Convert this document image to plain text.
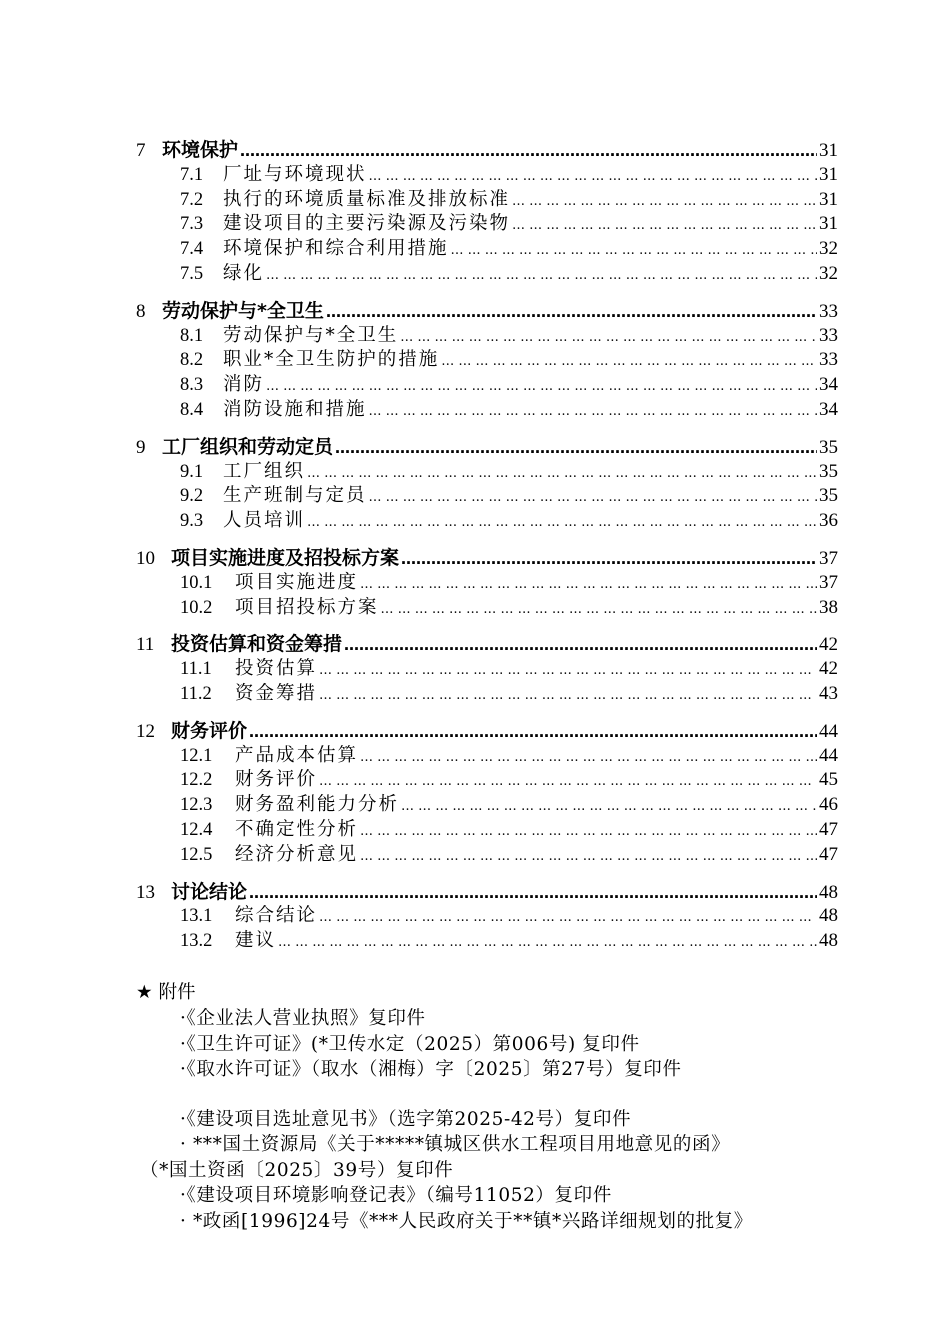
7 环境保护 ……………………………………………………………………………………………………………………………	31
7.1	厂址与环境现状 … … … … … … … … … … … … … … … … … … … … … … … … … … … … … … … … … … … … … … … … … … … … … …	31
7.2	执行的环境质量标准及排放标准 … … … … … … … … … … … … … … … … … … … … … … … … … … … … … … … … … … … … … … … … … … … … … …	31
7.3	建设项目的主要污染源及污染物 … … … … … … … … … … … … … … … … … … … … … … … … … … … … … … … … … … … … … … … … … … … … … …	31
7.4	环境保护和综合利用措施 … … … … … … … … … … … … … … … … … … … … … … … … … … … … … … … … … … … … … … … … … … … … … …	32
7.5	绿化 … … … … … … … … … … … … … … … … … … … … … … … … … … … … … … … … … … … … … … … … … … … … … …	32
8 劳动保护与*全卫生 ……………………………………………………………………………………………………………………………	33
8.1	劳动保护与*全卫生 … … … … … … … … … … … … … … … … … … … … … … … … … … … … … … … … … … … … … … … … … … … … … …	33
8.2	职业*全卫生防护的措施 … … … … … … … … … … … … … … … … … … … … … … … … … … … … … … … … … … … … … … … … … … … … … …	33
8.3	消防 … … … … … … … … … … … … … … … … … … … … … … … … … … … … … … … … … … … … … … … … … … … … … …	34
8.4	消防设施和措施 … … … … … … … … … … … … … … … … … … … … … … … … … … … … … … … … … … … … … … … … … … … … … …	34
9 工厂组织和劳动定员 ……………………………………………………………………………………………………………………………	35
9.1	工厂组织 … … … … … … … … … … … … … … … … … … … … … … … … … … … … … … … … … … … … … … … … … … … … … …	35
9.2	生产班制与定员 … … … … … … … … … … … … … … … … … … … … … … … … … … … … … … … … … … … … … … … … … … … … … …	35
9.3	人员培训 … … … … … … … … … … … … … … … … … … … … … … … … … … … … … … … … … … … … … … … … … … … … … …	36
10 项目实施进度及招投标方案 ……………………………………………………………………………………………………………………………	37
10.1	项目实施进度 … … … … … … … … … … … … … … … … … … … … … … … … … … … … … … … … … … … … … … … … … … … … … …	37
10.2	项目招投标方案 … … … … … … … … … … … … … … … … … … … … … … … … … … … … … … … … … … … … … … … … … … … … … …	38
11 投资估算和资金筹措 ……………………………………………………………………………………………………………………………	42
11.1	投资估算 … … … … … … … … … … … … … … … … … … … … … … … … … … … … … … … … … … … … … … … … … … … … … …	42
11.2	资金筹措 … … … … … … … … … … … … … … … … … … … … … … … … … … … … … … … … … … … … … … … … … … … … … …	43
12 财务评价 ……………………………………………………………………………………………………………………………	44
12.1	产品成本估算 … … … … … … … … … … … … … … … … … … … … … … … … … … … … … … … … … … … … … … … … … … … … … …	44
12.2	财务评价 … … … … … … … … … … … … … … … … … … … … … … … … … … … … … … … … … … … … … … … … … … … … … …	45
12.3	财务盈利能力分析 … … … … … … … … … … … … … … … … … … … … … … … … … … … … … … … … … … … … … … … … … … … … … …	46
12.4	不确定性分析 … … … … … … … … … … … … … … … … … … … … … … … … … … … … … … … … … … … … … … … … … … … … … …	47
12.5	经济分析意见 … … … … … … … … … … … … … … … … … … … … … … … … … … … … … … … … … … … … … … … … … … … … … …	47
13 讨论结论 ……………………………………………………………………………………………………………………………	48
13.1	综合结论 … … … … … … … … … … … … … … … … … … … … … … … … … … … … … … … … … … … … … … … … … … … … … …	48
13.2	建议 … … … … … … … … … … … … … … … … … … … … … … … … … … … … … … … … … … … … … … … … … … … … … …	48
★ 附件
·《企业法人营业执照》复印件
·《卫生许可证》(*卫传水定（2025）第006号) 复印件
·《取水许可证》（取水（湘梅）字〔2025〕第27号）复印件
·《建设项目选址意见书》（选字第2025-42号）复印件
· ***国土资源局《关于*****镇城区供水工程项目用地意见的函》
（*国土资函〔2025〕39号）复印件
·《建设项目环境影响登记表》（编号11052）复印件
· *政函[1996]24号《***人民政府关于**镇*兴路详细规划的批复》
